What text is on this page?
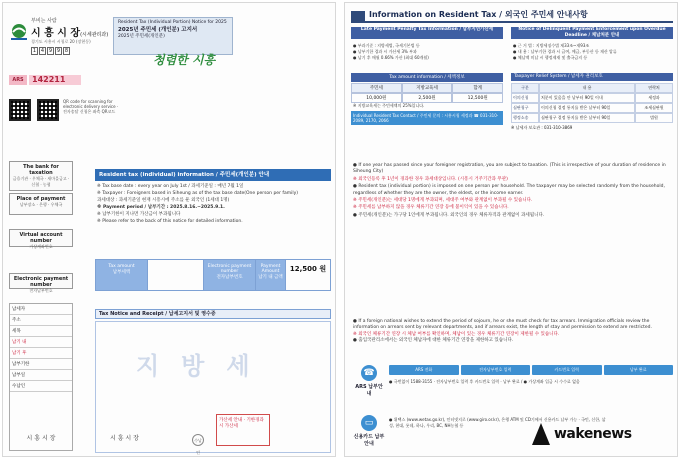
부비는 사람
시 흥 시 장(시세관리과)
경기도 시흥시 시청로 20 (장현동)
1 4 9 9 8
Resident Tax (Individual Portion) Notice for 2025
2025년 주민세 (개인분) 고지서
2025년 주민세(개인분)
청렴한 시흥
ARS	142211
QR code for scanning for electronic delivery service · 전자송달 신청은 좌측 QR코드
The bank for taxation
금융기관 · 우체국 · 새마을금고 · 신협 · 농협
Place of payment
납부장소 · 은행 · 우체국
Virtual account number
가상계좌번호
Electronic payment number
전자납부번호
납세자
주소
세목
납기 내
납기 후
납부기한
납부일
수납인
시 흥 시 장
Resident tax (individual) information / 주민세(개인분) 안내
※ Tax base date : every year on July 1st / 과세기준일 : 매년 7월 1일
※ Taxpayer : Foreigners based in Siheung as of the tax base date(One person per family)
과세대상 : 과세기준일 현재 시흥시에 주소를 둔 외국인 (1세대 1명)
※ Payment period / 납부기간 : 2025.8.16.~2025.9.1.
※ 납부기한이 지나면 가산금이 부과됩니다
※ Please refer to the back of this notice for detailed information.
Tax amount
납부세액
Electronic payment number
전자납부번호
Payment Amount
납기 내 금액
12,500 원
Tax Notice and Receipt / 납세고지서 및 영수증
지방세
가산세 안내 · 기한경과 시 가산세
시 흥 시 장	수납인
Information on Resident Tax / 외국인 주민세 안내사항
Late Payment Penalty Tax Information / 납부지연가산세
● 부과기준 : 지방세법, 국세기본법 등
● 납부기한 경과 시 가산세 3% 부과
● 납기 후 매월 0.66% 가산 (최대 60개월)
Notice of Delinquent Payment Enforcement upon Overdue Deadline / 체납처분 안내
● 근 거 법 : 지방세징수법 제33조~제93조
● 내 용 : 납부기한 경과 시 급여, 예금, 부동산 등 재산 압류
● 체납액 미납 시 행정제재 및 출국금지 등
Tax amount information / 세액정보
주민세	지방교육세	합계
10,000원	2,500원	12,500원
※ 지방교육세는 주민세액의 25%입니다.
Individual Resident Tax Contact / 주민세 문의 : 시흥시청 세정과 ☎ 031-310-2089, 2170, 2066
Taxpayer Relief System / 납세자 권리보호
구분	내 용	연락처
이의신청	처분이 있음을 안 날부터 90일 이내	세정과
심판청구	이의신청 결정 통지를 받은 날부터 90일	조세심판원
행정소송	심판청구 결정 통지를 받은 날부터 90일	법원
※ 납세자 보호관 : 031-310-3869

● If one year has passed since your foreigner registration, you are subject to taxation. (This is irrespective of your duration of residence in Siheung City)

※ 외국인등록 후 1년이 경과한 경우 과세대상입니다. (시흥시 거주기간과 무관)

● Resident tax (individual portion) is imposed on one person per household. The taxpayer may be selected randomly from the household, regardless of whether they are the owner, the eldest, or the income earner.

※ 주민세(개인분)는 세대당 1명에게 부과되며, 세대주 여부와 관계없이 부과될 수 있습니다.

※ 주민세를 납부하지 않을 경우 체류기간 연장 등에 불이익이 있을 수 있습니다.

● 주민세(개인분)는 가구당 1인에게 부과됩니다. 외국인의 경우 체류자격과 관계없이 과세됩니다.

● If a foreign national wishes to extend the period of sojourn, he or she must check for tax arrears. Immigration officials review the information on arrears sent by relevant departments, and if arrears exist, the length of stay and permission to extend are restricted.

※ 외국인 체류기간 연장 시 체납 여부를 확인하며, 체납이 있는 경우 체류기간 연장이 제한될 수 있습니다.

● 출입국관리소에서는 외국인 체납자에 대한 체류기간 연장을 제한하고 있습니다.

☎
ARS 납부안내
ARS 전화	전자납부번호 입력	카드번호 입력	납부 완료
● 국번없이 1588-3155 · 전자납부번호 입력 후 카드번호 입력 · 납부 완료 / ● 가상계좌 입금 시 수수료 없음
▭
신용카드 납부안내
● 위택스 (www.wetax.go.kr), 인터넷지로 (www.giro.or.kr), 은행 ATM 및 CD기에서 신용카드 납부 가능 · 국민, 신한, 삼성, 현대, 롯데, 하나, 우리, BC, NH농협 등
wakenews
